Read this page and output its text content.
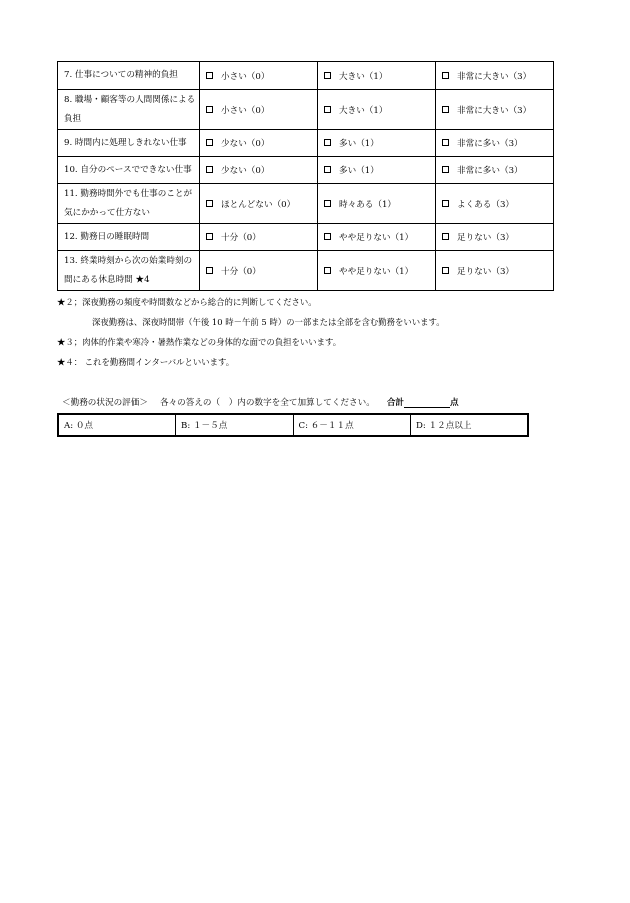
7. 仕事についての精神的負担	小さい（0）	大きい（1）	非常に大きい（3）
8. 職場・顧客等の人間関係による負担	小さい（0）	大きい（1）	非常に大きい（3）
9. 時間内に処理しきれない仕事	少ない（0）	多い（1）	非常に多い（3）
10. 自分のペースでできない仕事	少ない（0）	多い（1）	非常に多い（3）
11. 勤務時間外でも仕事のことが気にかかって仕方ない	ほとんどない（0）	時々ある（1）	よくある（3）
12. 勤務日の睡眠時間	十分（0）	やや足りない（1）	足りない（3）
13. 終業時刻から次の始業時刻の間にある休息時間 ★4	十分（0）	やや足りない（1）	足りない（3）
★２；深夜勤務の頻度や時間数などから総合的に判断してください。
深夜勤務は、深夜時間帯（午後 10 時－午前 5 時）の一部または全部を含む勤務をいいます。
★３；肉体的作業や寒冷・暑熱作業などの身体的な面での負担をいいます。
★４： これを勤務間インターバルといいます。
＜勤務の状況の評価＞ 各々の答えの（　）内の数字を全て加算してください。 合計	点
A: ０点	B: １－５点	C: ６－１１点	D: １２点以上
